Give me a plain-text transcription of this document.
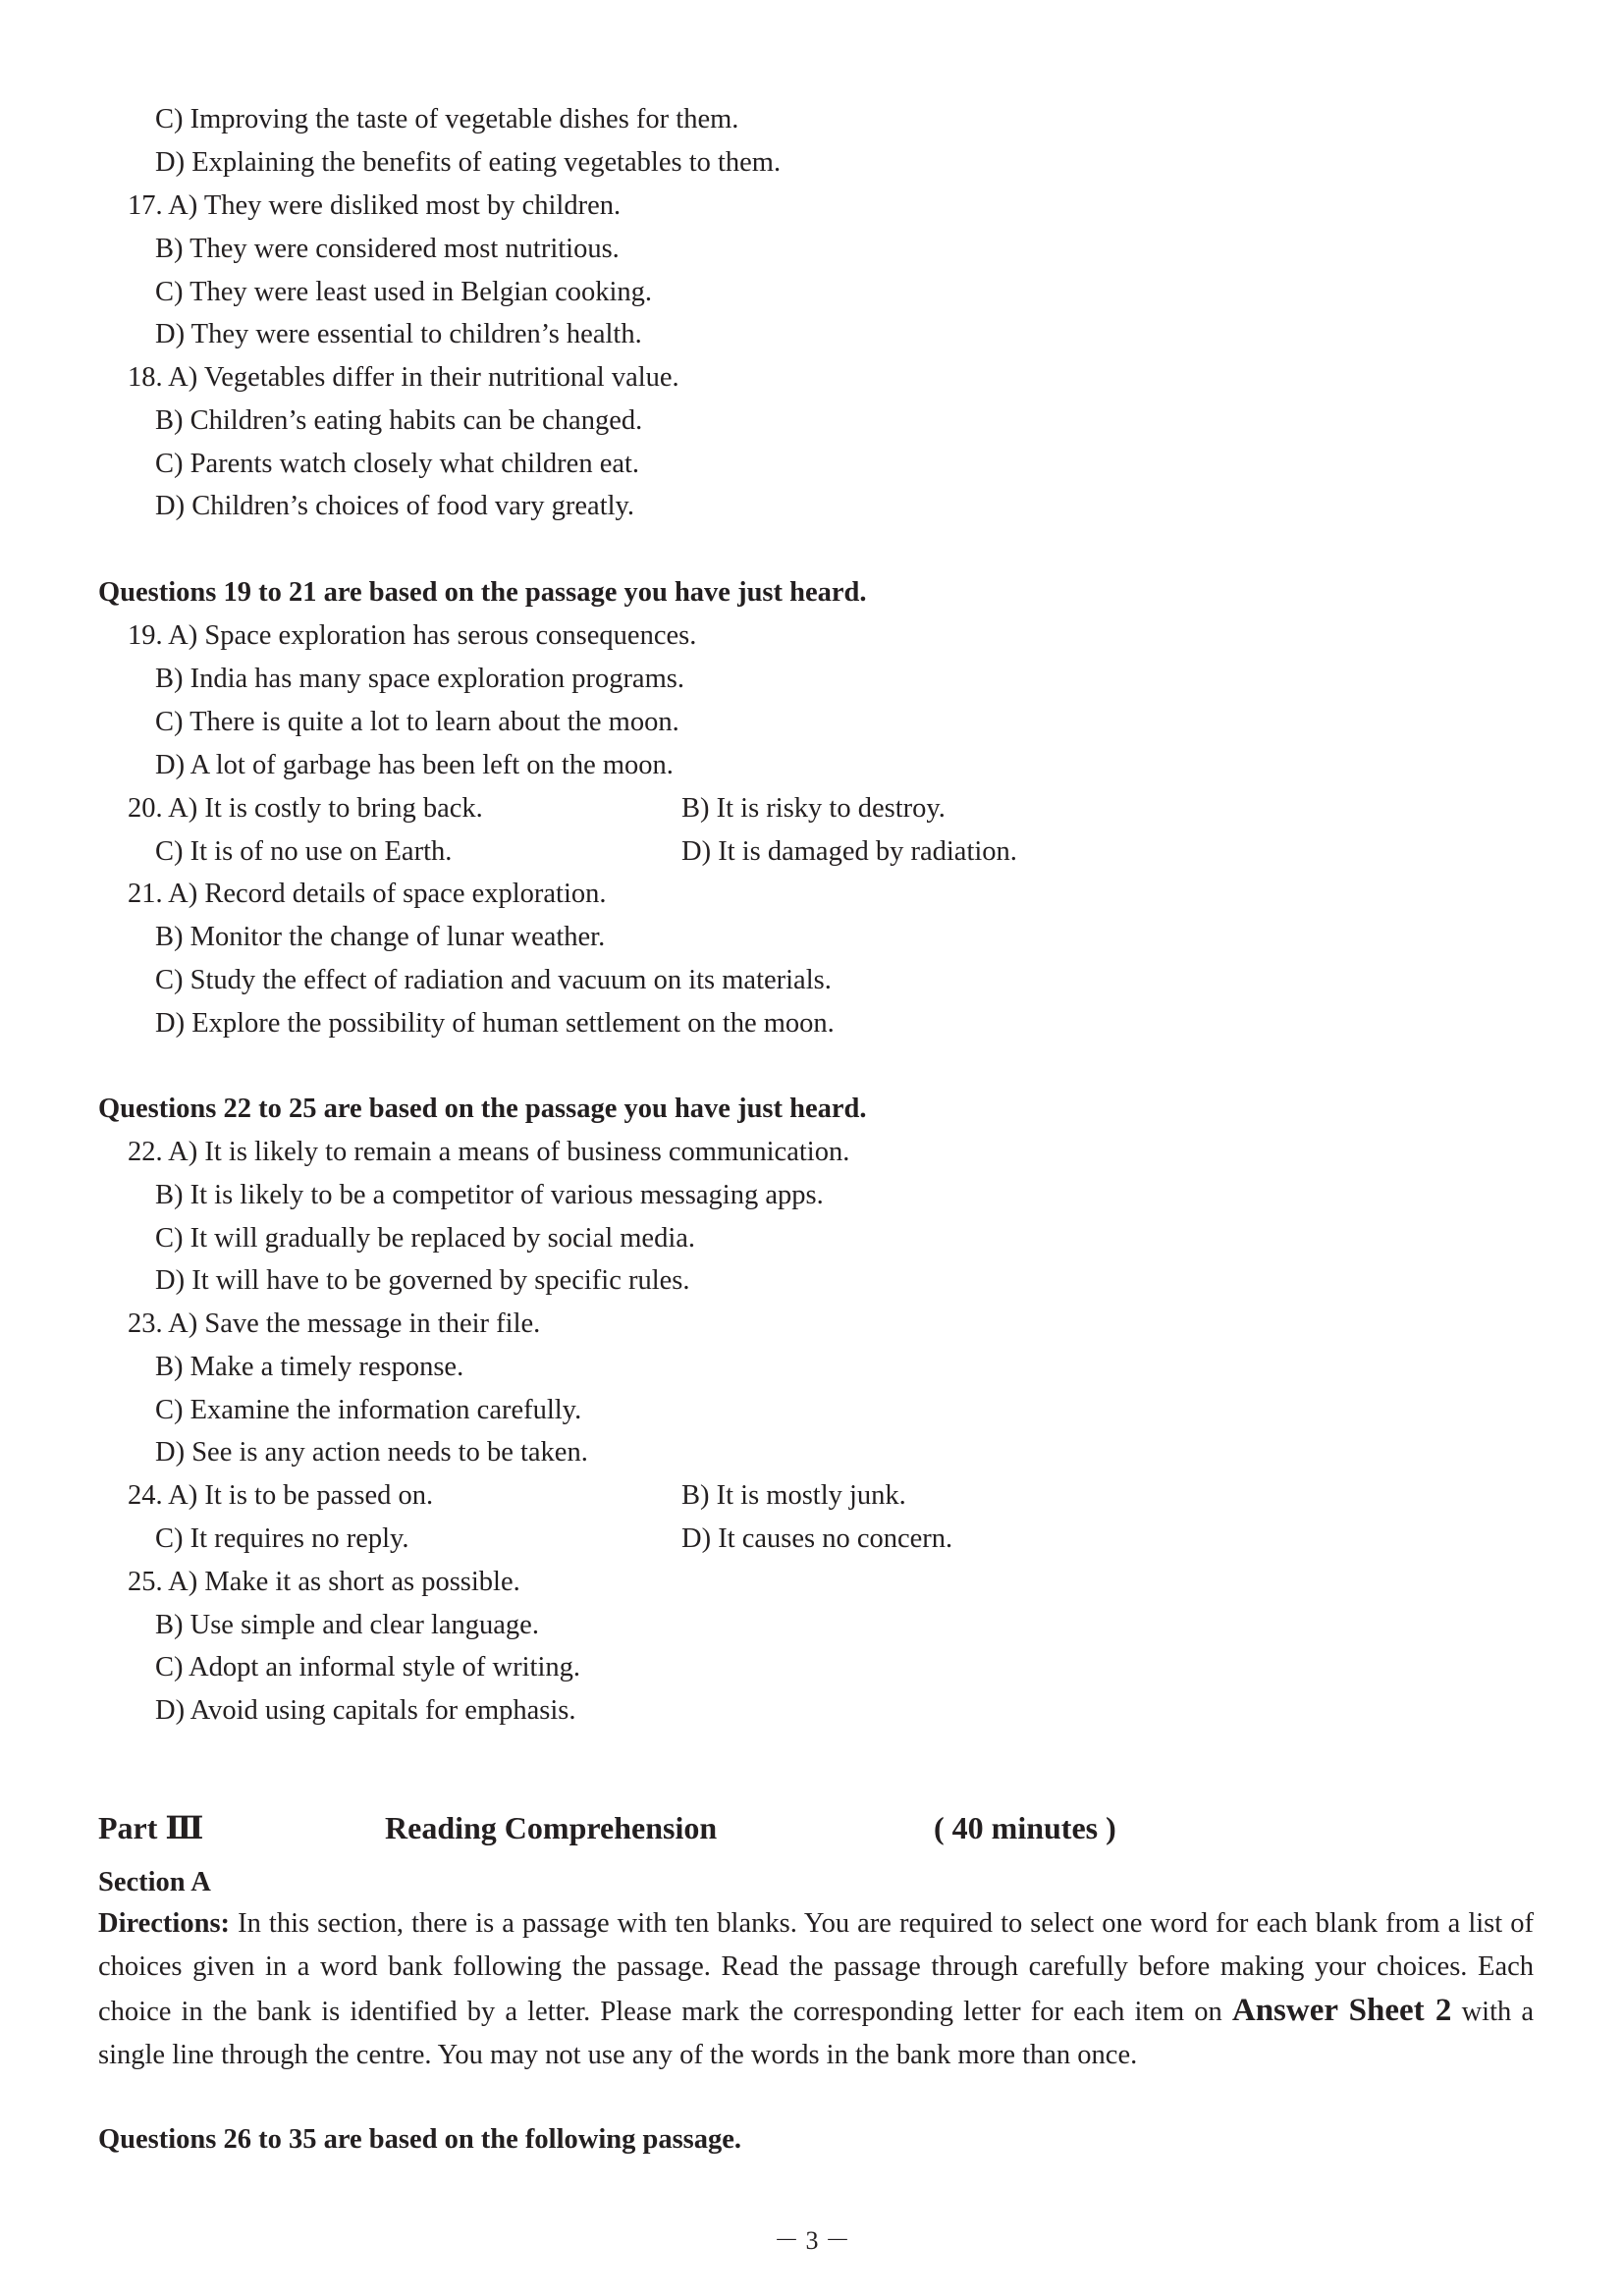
C) Improving the taste of vegetable dishes for them.
D) Explaining the benefits of eating vegetables to them.
17. A) They were disliked most by children.
B) They were considered most nutritious.
C) They were least used in Belgian cooking.
D) They were essential to children’s health.
18. A) Vegetables differ in their nutritional value.
B) Children’s eating habits can be changed.
C) Parents watch closely what children eat.
D) Children’s choices of food vary greatly.
Questions 19 to 21 are based on the passage you have just heard.
19. A) Space exploration has serous consequences.
B) India has many space exploration programs.
C) There is quite a lot to learn about the moon.
D) A lot of garbage has been left on the moon.
20. A) It is costly to bring back.	B) It is risky to destroy.
C) It is of no use on Earth.	D) It is damaged by radiation.
21. A) Record details of space exploration.
B) Monitor the change of lunar weather.
C) Study the effect of radiation and vacuum on its materials.
D) Explore the possibility of human settlement on the moon.
Questions 22 to 25 are based on the passage you have just heard.
22. A) It is likely to remain a means of business communication.
B) It is likely to be a competitor of various messaging apps.
C) It will gradually be replaced by social media.
D) It will have to be governed by specific rules.
23. A) Save the message in their file.
B) Make a timely response.
C) Examine the information carefully.
D) See is any action needs to be taken.
24. A) It is to be passed on.	B) It is mostly junk.
C) It requires no reply.	D) It causes no concern.
25. A) Make it as short as possible.
B) Use simple and clear language.
C) Adopt an informal style of writing.
D) Avoid using capitals for emphasis.
Part Ⅲ	Reading Comprehension	( 40 minutes )
Section A
Directions: In this section, there is a passage with ten blanks. You are required to select one word for each blank from a list of choices given in a word bank following the passage. Read the passage through carefully before making your choices. Each choice in the bank is identified by a letter. Please mark the corresponding letter for each item on Answer Sheet 2 with a single line through the centre. You may not use any of the words in the bank more than once.
Questions 26 to 35 are based on the following passage.
－ 3 －
